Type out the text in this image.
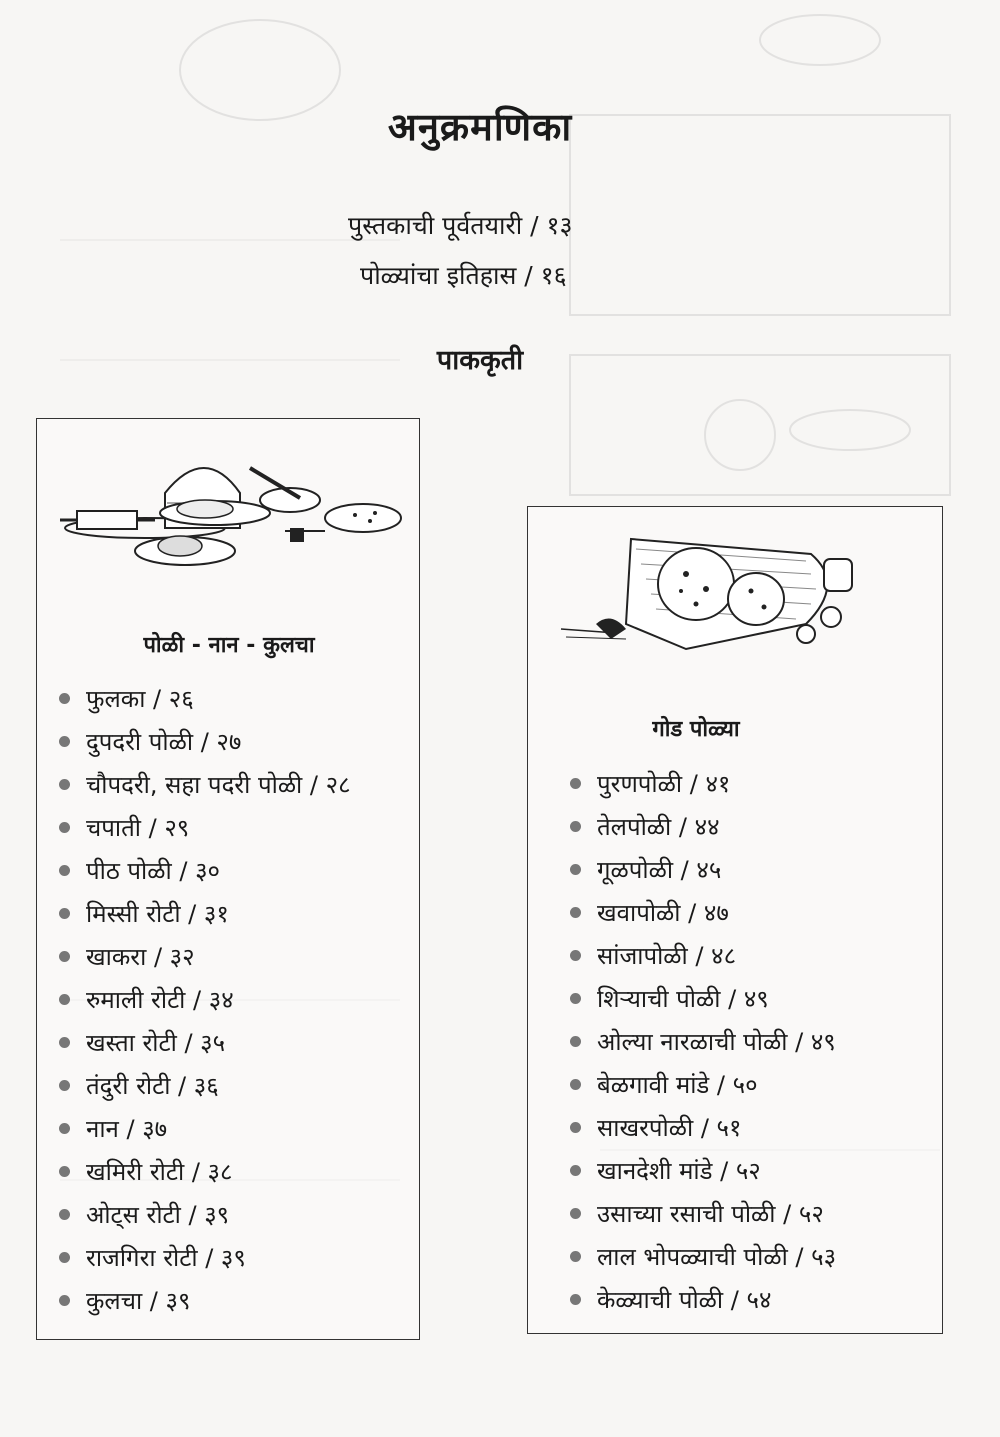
अनुक्रमणिका
पुस्तकाची पूर्वतयारी / १३
पोळ्यांचा इतिहास / १६
पाककृती
पोळी - नान - कुलचा
फुलका / २६
दुपदरी पोळी / २७
चौपदरी, सहा पदरी पोळी / २८
चपाती / २९
पीठ पोळी / ३०
मिस्सी रोटी / ३१
खाकरा / ३२
रुमाली रोटी / ३४
खस्ता रोटी / ३५
तंदुरी रोटी / ३६
नान / ३७
खमिरी रोटी / ३८
ओट्स रोटी / ३९
राजगिरा रोटी / ३९
कुलचा / ३९
गोड पोळ्या
पुरणपोळी / ४१
तेलपोळी / ४४
गूळपोळी / ४५
खवापोळी / ४७
सांजापोळी / ४८
शिऱ्याची पोळी / ४९
ओल्या नारळाची पोळी / ४९
बेळगावी मांडे / ५०
साखरपोळी / ५१
खानदेशी मांडे / ५२
उसाच्या रसाची पोळी / ५२
लाल भोपळ्याची पोळी / ५३
केळ्याची पोळी / ५४
